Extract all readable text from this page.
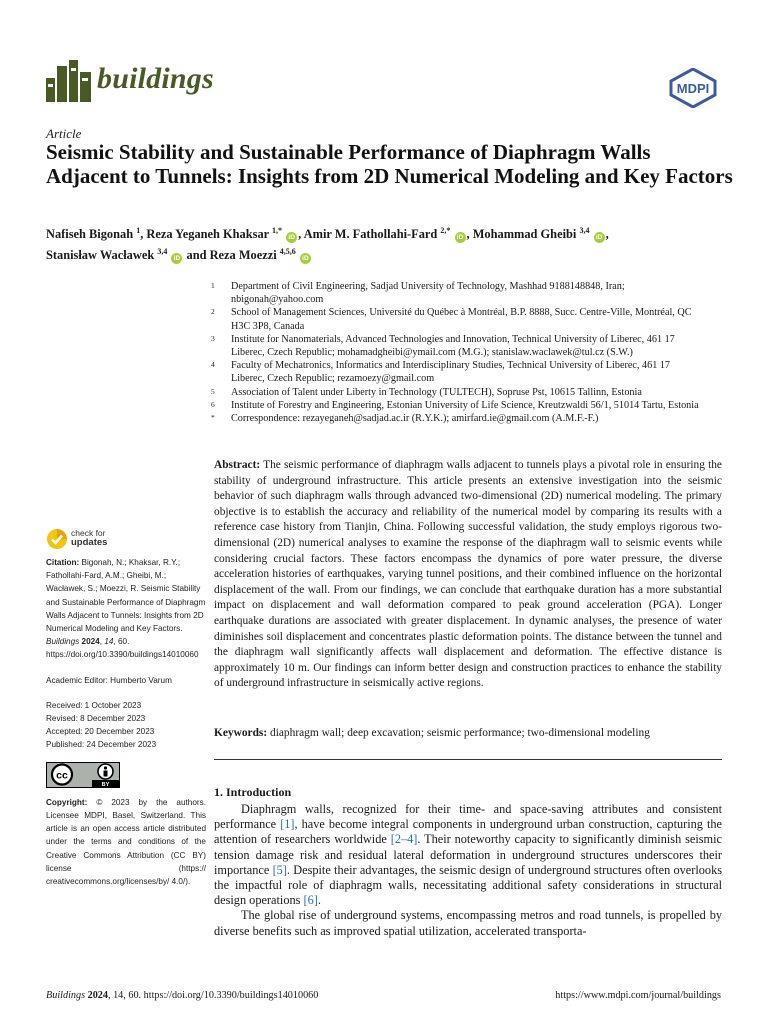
buildings	MDPI
Article
Seismic Stability and Sustainable Performance of Diaphragm Walls Adjacent to Tunnels: Insights from 2D Numerical Modeling and Key Factors
Nafiseh Bigonah $^1$, Reza Yeganeh Khaksar $^{1,*}$ iD , Amir M. Fathollahi-Fard $^{2,*}$ iD , Mohammad Gheibi $^{3,4}$ iD ,
Stanisław Wacławek $^{3,4}$ iD and Reza Moezzi $^{4,5,6}$ iD
1	Department of Civil Engineering, Sadjad University of Technology, Mashhad 9188148848, Iran; nbigonah@yahoo.com
2	School of Management Sciences, Université du Québec à Montréal, B.P. 8888, Succ. Centre-Ville, Montréal, QC H3C 3P8, Canada
3	Institute for Nanomaterials, Advanced Technologies and Innovation, Technical University of Liberec, 461 17 Liberec, Czech Republic; mohamadgheibi@ymail.com (M.G.); stanislaw.waclawek@tul.cz (S.W.)
4	Faculty of Mechatronics, Informatics and Interdisciplinary Studies, Technical University of Liberec, 461 17 Liberec, Czech Republic; rezamoezy@gmail.com
5	Association of Talent under Liberty in Technology (TULTECH), Sopruse Pst, 10615 Tallinn, Estonia
6	Institute of Forestry and Engineering, Estonian University of Life Science, Kreutzwaldi 56/1, 51014 Tartu, Estonia
*	Correspondence: rezayeganeh@sadjad.ac.ir (R.Y.K.); amirfard.ie@gmail.com (A.M.F.-F.)
Abstract: The seismic performance of diaphragm walls adjacent to tunnels plays a pivotal role in ensuring the stability of underground infrastructure. This article presents an extensive investigation into the seismic behavior of such diaphragm walls through advanced two-dimensional (2D) numerical modeling. The primary objective is to establish the accuracy and reliability of the numerical model by comparing its results with a reference case history from Tianjin, China. Following successful validation, the study employs rigorous two-dimensional (2D) numerical analyses to examine the response of the diaphragm wall to seismic events while considering crucial factors. These factors encompass the dynamics of pore water pressure, the diverse acceleration histories of earthquakes, varying tunnel positions, and their combined influence on the horizontal displacement of the wall. From our findings, we can conclude that earthquake duration has a more substantial impact on displacement and wall deformation compared to peak ground acceleration (PGA). Longer earthquake durations are associated with greater displacement. In dynamic analyses, the presence of water diminishes soil displacement and concentrates plastic deformation points. The distance between the tunnel and the diaphragm wall significantly affects wall displacement and deformation. The effective distance is approximately 10 m. Our findings can inform better design and construction practices to enhance the stability of underground infrastructure in seismically active regions.
Keywords: diaphragm wall; deep excavation; seismic performance; two-dimensional modeling
1. Introduction

Diaphragm walls, recognized for their time- and space-saving attributes and consistent performance [1], have become integral components in underground urban construction, capturing the attention of researchers worldwide [2–4]. Their noteworthy capacity to significantly diminish seismic tension damage risk and residual lateral deformation in underground structures underscores their importance [5]. Despite their advantages, the seismic design of underground structures often overlooks the impactful role of diaphragm walls, necessitating additional safety considerations in structural design operations [6].

The global rise of underground systems, encompassing metros and road tunnels, is propelled by diverse benefits such as improved spatial utilization, accelerated transporta-

check for
updates
Citation: Bigonah, N.; Khaksar, R.Y.; Fathollahi-Fard, A.M.; Gheibi, M.; Wacławek, S.; Moezzi, R. Seismic Stability and Sustainable Performance of Diaphragm Walls Adjacent to Tunnels: Insights from 2D Numerical Modeling and Key Factors. Buildings 2024, 14, 60. https://doi.org/10.3390/buildings14010060
Academic Editor: Humberto Varum
Received: 1 October 2023
Revised: 8 December 2023
Accepted: 20 December 2023
Published: 24 December 2023
cc
BY
Copyright: © 2023 by the authors. Licensee MDPI, Basel, Switzerland. This article is an open access article distributed under the terms and conditions of the Creative Commons Attribution (CC BY) license (https:// creativecommons.org/licenses/by/ 4.0/).
Buildings 2024, 14, 60. https://doi.org/10.3390/buildings14010060	https://www.mdpi.com/journal/buildings
